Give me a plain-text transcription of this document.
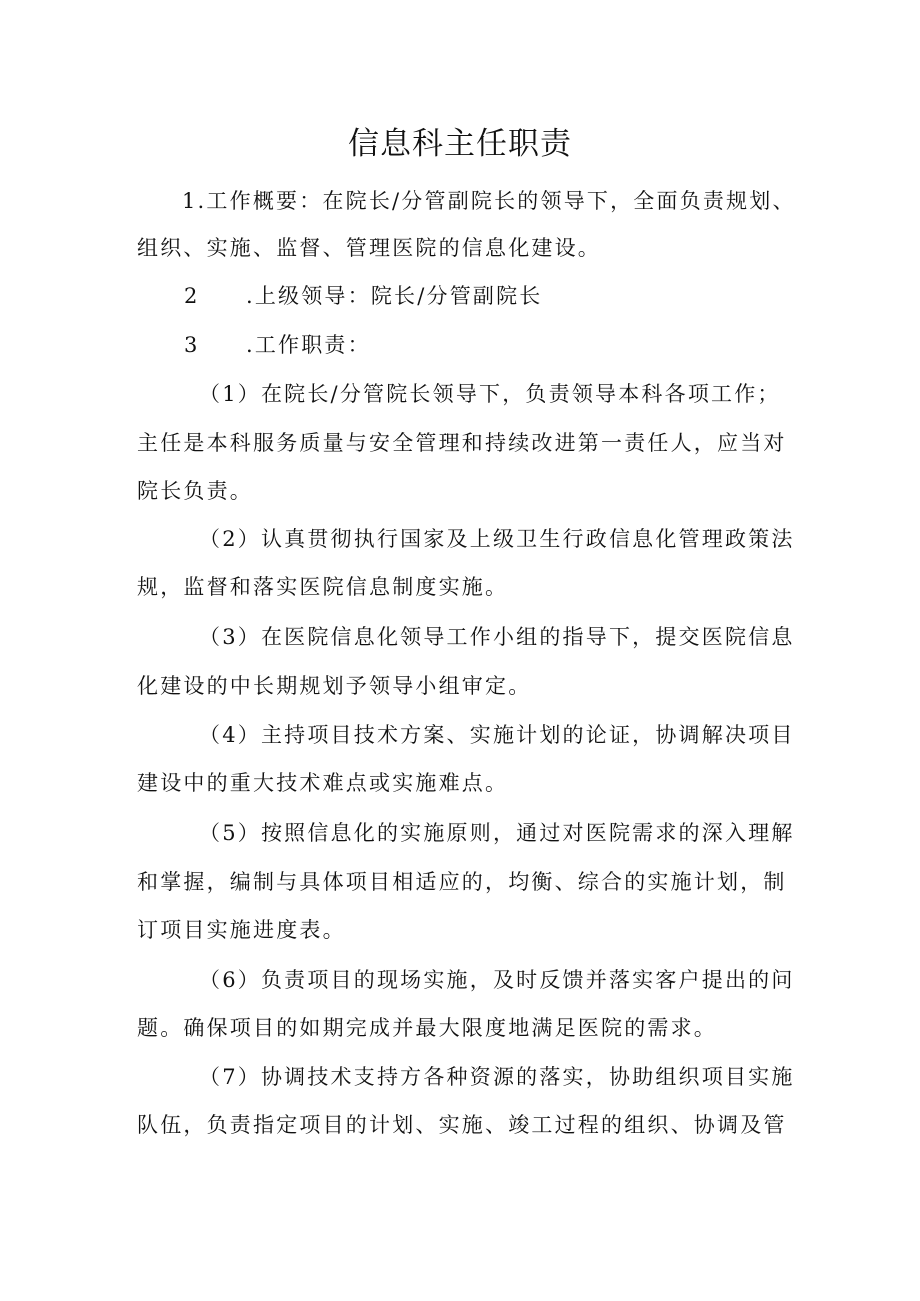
信息科主任职责
1.工作概要：在院长/分管副院长的领导下，全面负责规划、
组织、实施、监督、管理医院的信息化建设。
2　　.上级领导：院长/分管副院长
3　　.工作职责：
（1）在院长/分管院长领导下，负责领导本科各项工作；
主任是本科服务质量与安全管理和持续改进第一责任人，应当对
院长负责。
（2）认真贯彻执行国家及上级卫生行政信息化管理政策法
规，监督和落实医院信息制度实施。
（3）在医院信息化领导工作小组的指导下，提交医院信息
化建设的中长期规划予领导小组审定。
（4）主持项目技术方案、实施计划的论证，协调解决项目
建设中的重大技术难点或实施难点。
（5）按照信息化的实施原则，通过对医院需求的深入理解
和掌握，编制与具体项目相适应的，均衡、综合的实施计划，制
订项目实施进度表。
（6）负责项目的现场实施，及时反馈并落实客户提出的问
题。确保项目的如期完成并最大限度地满足医院的需求。
（7）协调技术支持方各种资源的落实，协助组织项目实施
队伍，负责指定项目的计划、实施、竣工过程的组织、协调及管
